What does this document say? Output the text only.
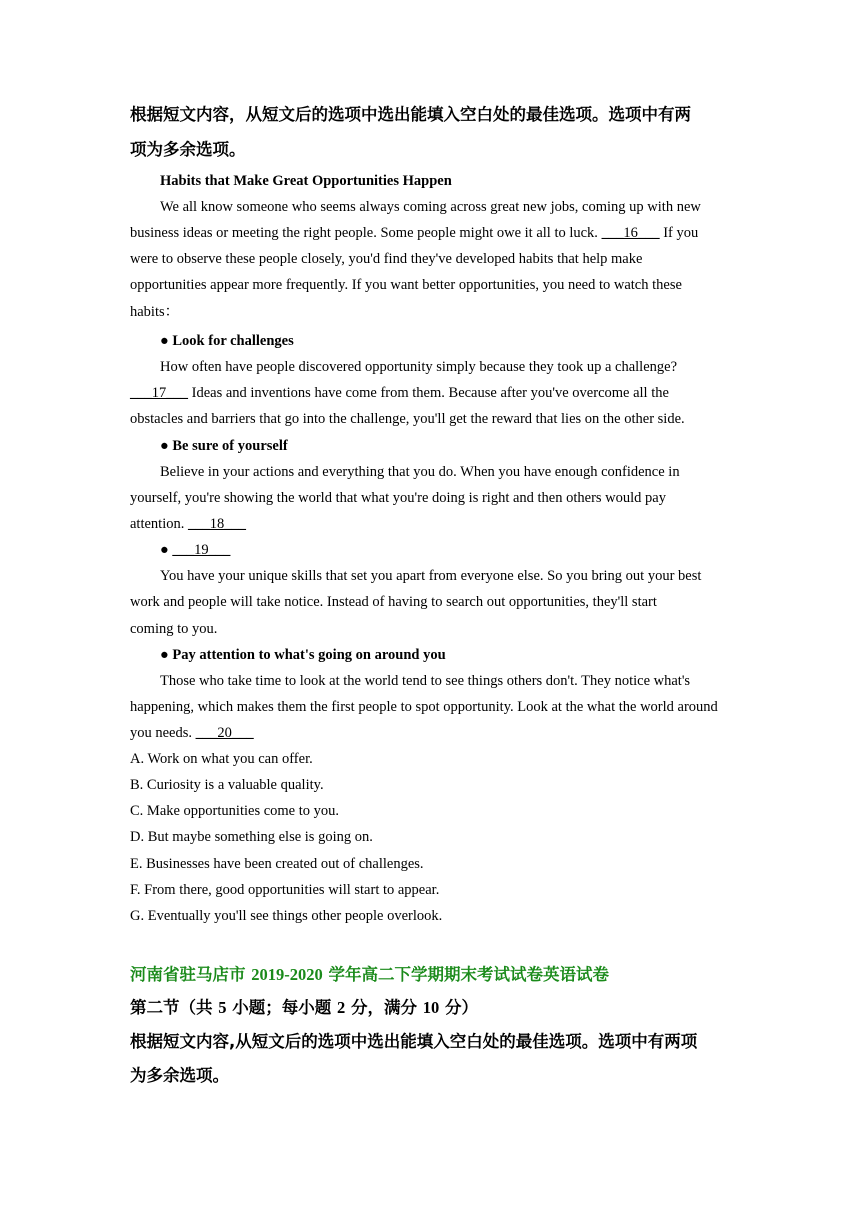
根据短文内容，从短文后的选项中选出能填入空白处的最佳选项。选项中有两
项为多余选项。
Habits that Make Great Opportunities Happen
We all know someone who seems always coming across great new jobs, coming up with new
business ideas or meeting the right people. Some people might owe it all to luck. ___16___ If you
were to observe these people closely, you'd find they've developed habits that help make
opportunities appear more frequently. If you want better opportunities, you need to watch these
habits：
● Look for challenges
How often have people discovered opportunity simply because they took up a challenge?
___17___ Ideas and inventions have come from them. Because after you've overcome all the
obstacles and barriers that go into the challenge, you'll get the reward that lies on the other side.
● Be sure of yourself
Believe in your actions and everything that you do. When you have enough confidence in
yourself, you're showing the world that what you're doing is right and then others would pay
attention. ___18___
● ___19___
You have your unique skills that set you apart from everyone else. So you bring out your best
work and people will take notice. Instead of having to search out opportunities, they'll start
coming to you.
● Pay attention to what's going on around you
Those who take time to look at the world tend to see things others don't. They notice what's
happening, which makes them the first people to spot opportunity. Look at the what the world around
you needs. ___20___
A. Work on what you can offer.
B. Curiosity is a valuable quality.
C. Make opportunities come to you.
D. But maybe something else is going on.
E. Businesses have been created out of challenges.
F. From there, good opportunities will start to appear.
G. Eventually you'll see things other people overlook.
河南省驻马店市 2019-2020 学年高二下学期期末考试试卷英语试卷
第二节（共 5 小题；每小题 2 分，满分 10 分）
根据短文内容,从短文后的选项中选出能填入空白处的最佳选项。选项中有两项
为多余选项。
